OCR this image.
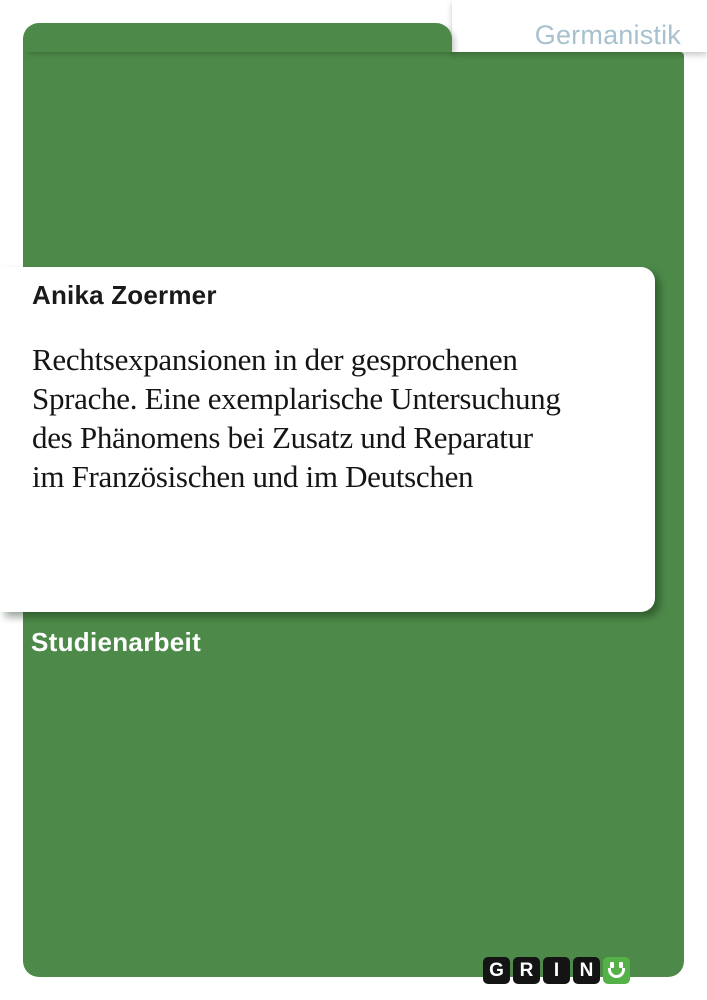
Germanistik
Anika Zoermer
Rechtsexpansionen in der gesprochenen
Sprache. Eine exemplarische Untersuchung
des Phänomens bei Zusatz und Reparatur
im Französischen und im Deutschen
Studienarbeit
G R	I	N
